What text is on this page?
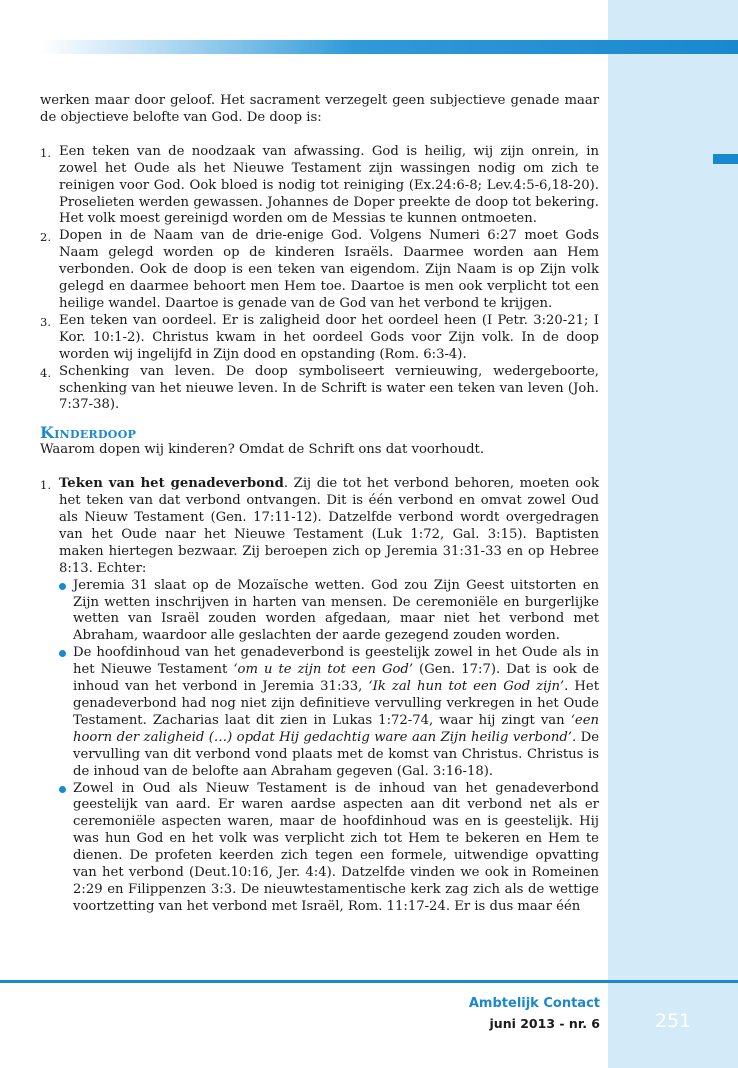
werken maar door geloof. Het sacrament verzegelt geen subjectieve genade maar de objectieve belofte van God. De doop is:

1. Een teken van de noodzaak van afwassing. God is heilig, wij zijn onrein, in zowel het Oude als het Nieuwe Testament zijn wassingen nodig om zich te reinigen voor God. Ook bloed is nodig tot reiniging (Ex.24:6-8; Lev.4:5-6,18-20). Proselieten werden gewassen. Johannes de Doper preekte de doop tot bekering. Het volk moest gereinigd worden om de Messias te kunnen ontmoeten.
2. Dopen in de Naam van de drie-enige God. Volgens Numeri 6:27 moet Gods Naam gelegd worden op de kinderen Israëls. Daarmee worden aan Hem verbonden. Ook de doop is een teken van eigendom. Zijn Naam is op Zijn volk gelegd en daarmee behoort men Hem toe. Daartoe is men ook verplicht tot een heilige wandel. Daartoe is genade van de God van het verbond te krijgen.
3. Een teken van oordeel. Er is zaligheid door het oordeel heen (I Petr. 3:20-21; I Kor. 10:1-2). Christus kwam in het oordeel Gods voor Zijn volk. In de doop worden wij ingelijfd in Zijn dood en opstanding (Rom. 6:3-4).
4. Schenking van leven. De doop symboliseert vernieuwing, wedergeboorte, schenking van het nieuwe leven. In de Schrift is water een teken van leven (Joh. 7:37-38).
Kinderdoop

Waarom dopen wij kinderen? Omdat de Schrift ons dat voorhoudt.

1. Teken van het genadeverbond. Zij die tot het verbond behoren, moeten ook het teken van dat verbond ontvangen. Dit is één verbond en omvat zowel Oud als Nieuw Testament (Gen. 17:11-12). Datzelfde verbond wordt overgedragen van het Oude naar het Nieuwe Testament (Luk 1:72, Gal. 3:15). Baptisten maken hiertegen bezwaar. Zij beroepen zich op Jeremia 31:31-33 en op Hebree 8:13. Echter:
Jeremia 31 slaat op de Mozaïsche wetten. God zou Zijn Geest uitstorten en Zijn wetten inschrijven in harten van mensen. De ceremoniële en burgerlijke wetten van Israël zouden worden afgedaan, maar niet het verbond met Abraham, waardoor alle geslachten der aarde gezegend zouden worden.
De hoofdinhoud van het genadeverbond is geestelijk zowel in het Oude als in het Nieuwe Testament ‘om u te zijn tot een God’ (Gen. 17:7). Dat is ook de inhoud van het verbond in Jeremia 31:33, ‘Ik zal hun tot een God zijn’. Het genadeverbond had nog niet zijn definitieve vervulling verkregen in het Oude Testament. Zacharias laat dit zien in Lukas 1:72-74, waar hij zingt van ‘een hoorn der zaligheid (…) opdat Hij gedachtig ware aan Zijn heilig verbond’. De vervulling van dit verbond vond plaats met de komst van Christus. Christus is de inhoud van de belofte aan Abraham gegeven (Gal. 3:16-18).
Zowel in Oud als Nieuw Testament is de inhoud van het genadeverbond geestelijk van aard. Er waren aardse aspecten aan dit verbond net als er ceremoniële aspecten waren, maar de hoofdinhoud was en is geestelijk. Hij was hun God en het volk was verplicht zich tot Hem te bekeren en Hem te dienen. De profeten keerden zich tegen een formele, uitwendige opvatting van het verbond (Deut.10:16, Jer. 4:4). Datzelfde vinden we ook in Romeinen 2:29 en Filippenzen 3:3. De nieuwtestamentische kerk zag zich als de wettige voortzetting van het verbond met Israël, Rom. 11:17-24. Er is dus maar één
Ambtelijk Contact
juni 2013 - nr. 6	251
